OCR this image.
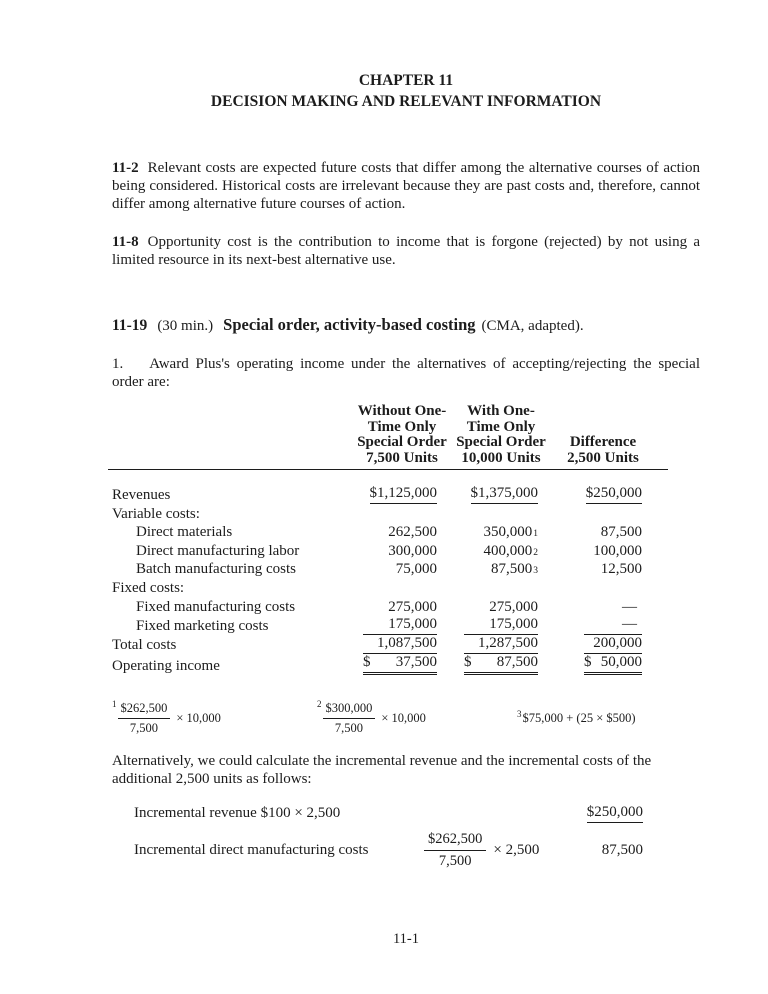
CHAPTER 11
DECISION MAKING AND RELEVANT INFORMATION

11-2 Relevant costs are expected future costs that differ among the alternative courses of action being considered. Historical costs are irrelevant because they are past costs and, therefore, cannot differ among alternative future courses of action.

11-8 Opportunity cost is the contribution to income that is forgone (rejected) by not using a limited resource in its next-best alternative use.

11-19 (30 min.) Special order, activity-based costing (CMA, adapted).

1. Award Plus's operating income under the alternatives of accepting/rejecting the special order are:

Without One-
Time Only
Special Order
7,500 Units

With One-
Time Only
Special Order
10,000 Units

Difference
2,500 Units

Revenues	$1,125,000	$1,375,000	$250,000

Variable costs:			
Direct materials	262,500	350,000 1	87,500

Direct manufacturing labor	300,000	400,000 2	100,000

Batch manufacturing costs	75,000	87,500 3	12,500

Fixed costs:			
Fixed manufacturing costs	275,000	275,000	—

Fixed marketing costs	175,000	175,000	—

Total costs	1,087,500	1,287,500	200,000

Operating income	$ 37,500	$ 87,500	$ 50,000
$^1 \frac{\$262,500}{7,500} \times 10,000$
$^2 \frac{\$300,000}{7,500} \times 10,000$	$^3$ $75,000 + (25 × $500)

Alternatively, we could calculate the incremental revenue and the incremental costs of the
additional 2,500 units as follows:

Incremental revenue $100 × 2,500	$250,000
Incremental direct manufacturing costs	$\frac{\$262,500}{7,500} \times 2,500$	87,500

11-1
